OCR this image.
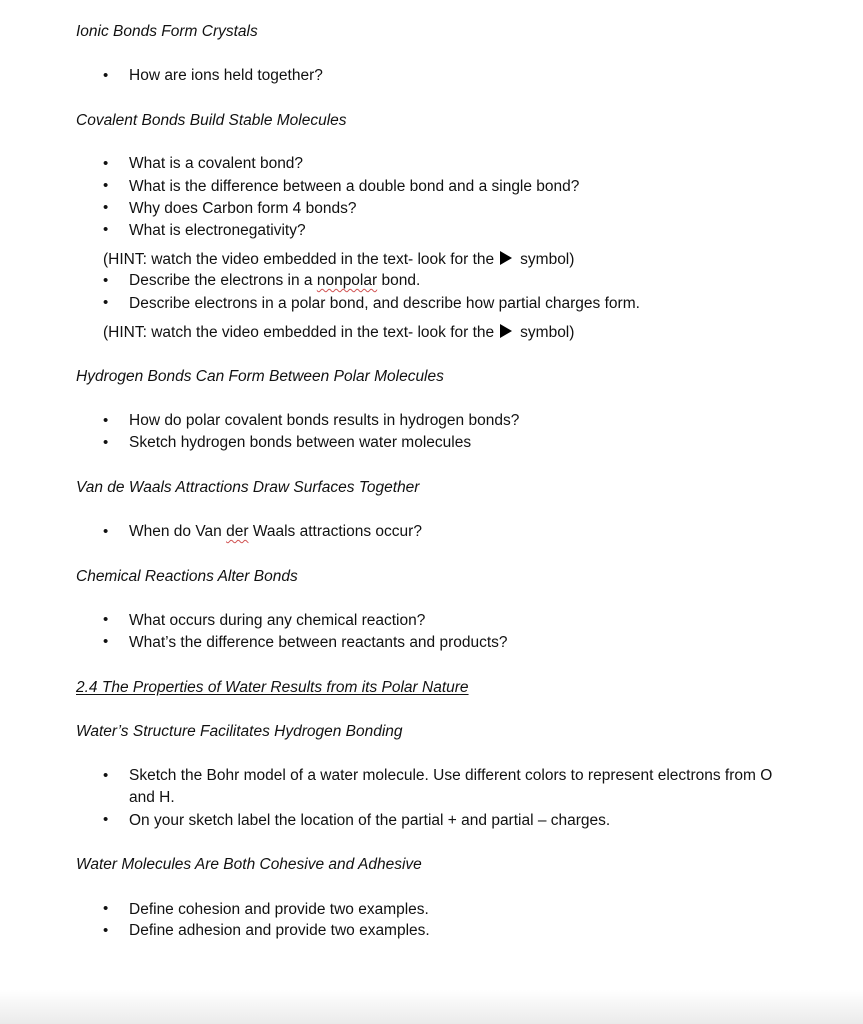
Ionic Bonds Form Crystals
• How are ions held together?
Covalent Bonds Build Stable Molecules
• What is a covalent bond?
• What is the difference between a double bond and a single bond?
• Why does Carbon form 4 bonds?
• What is electronegativity?
(HINT: watch the video embedded in the text- look for the symbol)
• Describe the electrons in a nonpolar bond.
• Describe electrons in a polar bond, and describe how partial charges form.
(HINT: watch the video embedded in the text- look for the symbol)
Hydrogen Bonds Can Form Between Polar Molecules
• How do polar covalent bonds results in hydrogen bonds?
• Sketch hydrogen bonds between water molecules
Van de Waals Attractions Draw Surfaces Together
• When do Van der Waals attractions occur?
Chemical Reactions Alter Bonds
• What occurs during any chemical reaction?
• What’s the difference between reactants and products?
2.4 The Properties of Water Results from its Polar Nature
Water’s Structure Facilitates Hydrogen Bonding
• Sketch the Bohr model of a water molecule. Use different colors to represent electrons from O and H.
• On your sketch label the location of the partial + and partial – charges.
Water Molecules Are Both Cohesive and Adhesive
• Define cohesion and provide two examples.
• Define adhesion and provide two examples.
